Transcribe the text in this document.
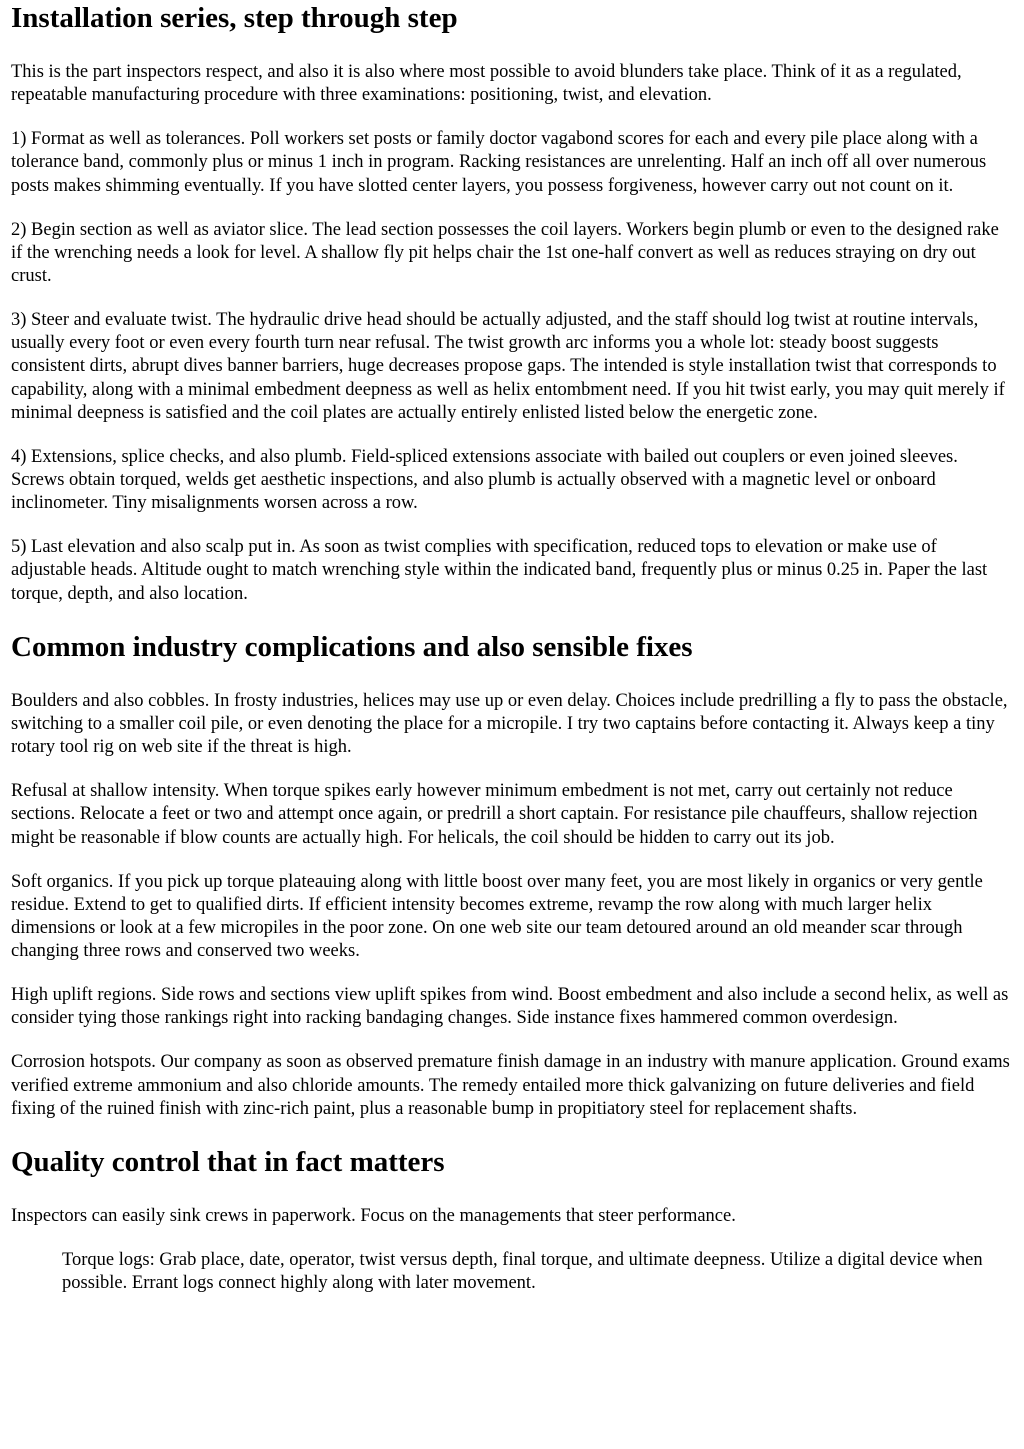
Installation series, step through step

This is the part inspectors respect, and also it is also where most possible to avoid blunders take place. Think of it as a regulated, repeatable manufacturing procedure with three examinations: positioning, twist, and elevation.

1) Format as well as tolerances. Poll workers set posts or family doctor vagabond scores for each and every pile place along with a tolerance band, commonly plus or minus 1 inch in program. Racking resistances are unrelenting. Half an inch off all over numerous posts makes shimming eventually. If you have slotted center layers, you possess forgiveness, however carry out not count on it.

2) Begin section as well as aviator slice. The lead section possesses the coil layers. Workers begin plumb or even to the designed rake if the wrenching needs a look for level. A shallow fly pit helps chair the 1st one-half convert as well as reduces straying on dry out crust.

3) Steer and evaluate twist. The hydraulic drive head should be actually adjusted, and the staff should log twist at routine intervals, usually every foot or even every fourth turn near refusal. The twist growth arc informs you a whole lot: steady boost suggests consistent dirts, abrupt dives banner barriers, huge decreases propose gaps. The intended is style installation twist that corresponds to capability, along with a minimal embedment deepness as well as helix entombment need. If you hit twist early, you may quit merely if minimal deepness is satisfied and the coil plates are actually entirely enlisted listed below the energetic zone.

4) Extensions, splice checks, and also plumb. Field-spliced extensions associate with bailed out couplers or even joined sleeves. Screws obtain torqued, welds get aesthetic inspections, and also plumb is actually observed with a magnetic level or onboard inclinometer. Tiny misalignments worsen across a row.

5) Last elevation and also scalp put in. As soon as twist complies with specification, reduced tops to elevation or make use of adjustable heads. Altitude ought to match wrenching style within the indicated band, frequently plus or minus 0.25 in. Paper the last torque, depth, and also location.

Common industry complications and also sensible fixes

Boulders and also cobbles. In frosty industries, helices may use up or even delay. Choices include predrilling a fly to pass the obstacle, switching to a smaller coil pile, or even denoting the place for a micropile. I try two captains before contacting it. Always keep a tiny rotary tool rig on web site if the threat is high.

Refusal at shallow intensity. When torque spikes early however minimum embedment is not met, carry out certainly not reduce sections. Relocate a feet or two and attempt once again, or predrill a short captain. For resistance pile chauffeurs, shallow rejection might be reasonable if blow counts are actually high. For helicals, the coil should be hidden to carry out its job.

Soft organics. If you pick up torque plateauing along with little boost over many feet, you are most likely in organics or very gentle residue. Extend to get to qualified dirts. If efficient intensity becomes extreme, revamp the row along with much larger helix dimensions or look at a few micropiles in the poor zone. On one web site our team detoured around an old meander scar through changing three rows and conserved two weeks.

High uplift regions. Side rows and sections view uplift spikes from wind. Boost embedment and also include a second helix, as well as consider tying those rankings right into racking bandaging changes. Side instance fixes hammered common overdesign.

Corrosion hotspots. Our company as soon as observed premature finish damage in an industry with manure application. Ground exams verified extreme ammonium and also chloride amounts. The remedy entailed more thick galvanizing on future deliveries and field fixing of the ruined finish with zinc-rich paint, plus a reasonable bump in propitiatory steel for replacement shafts.

Quality control that in fact matters

Inspectors can easily sink crews in paperwork. Focus on the managements that steer performance.

Torque logs: Grab place, date, operator, twist versus depth, final torque, and ultimate deepness. Utilize a digital device when possible. Errant logs connect highly along with later movement.
